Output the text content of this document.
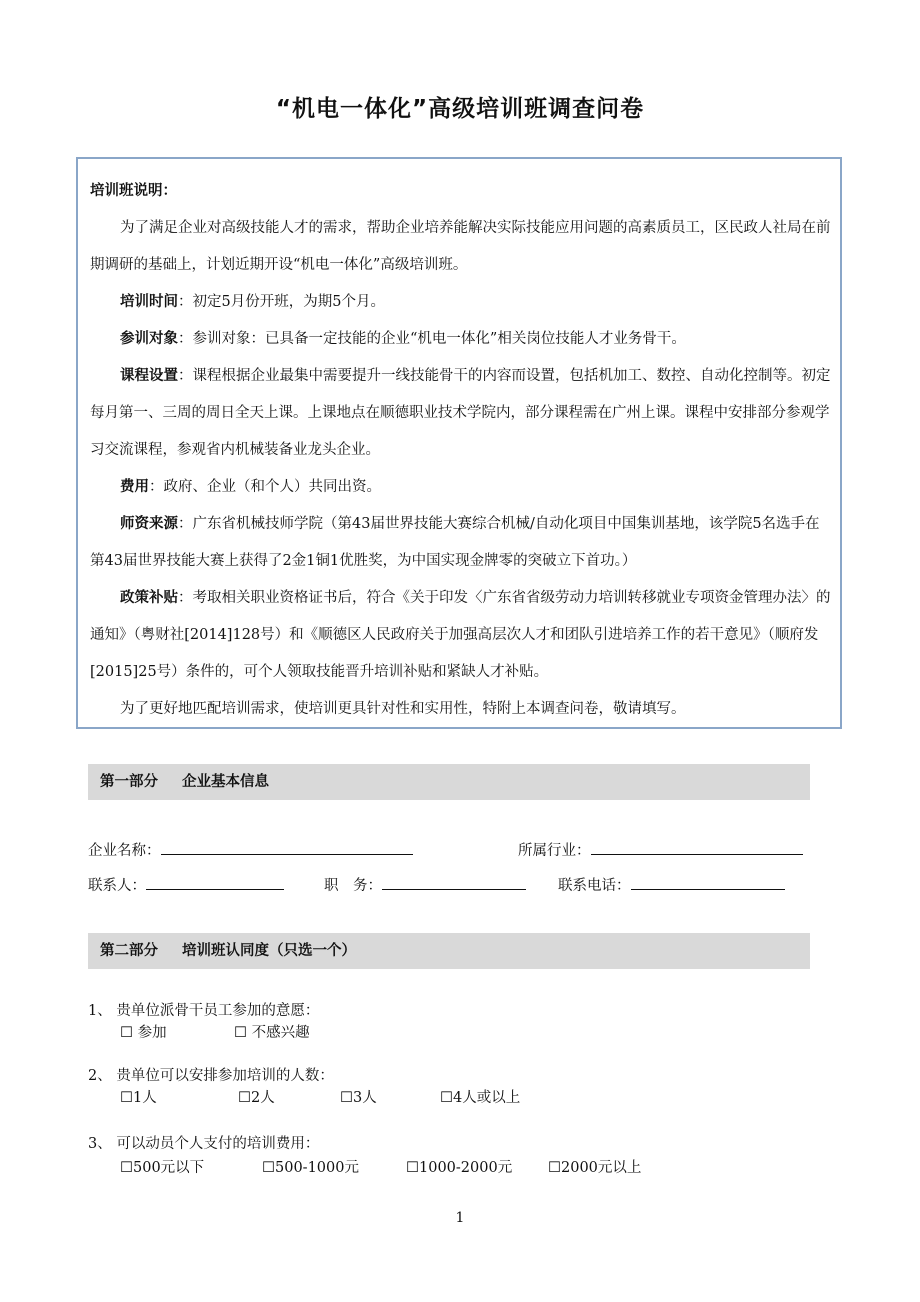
“机电一体化”高级培训班调查问卷

培训班说明：

为了满足企业对高级技能人才的需求，帮助企业培养能解决实际技能应用问题的高素质员工，区民政人社局在前期调研的基础上，计划近期开设“机电一体化”高级培训班。

培训时间：初定5月份开班，为期5个月。

参训对象：参训对象：已具备一定技能的企业“机电一体化”相关岗位技能人才业务骨干。

课程设置：课程根据企业最集中需要提升一线技能骨干的内容而设置，包括机加工、数控、自动化控制等。初定每月第一、三周的周日全天上课。上课地点在顺德职业技术学院内，部分课程需在广州上课。课程中安排部分参观学习交流课程，参观省内机械装备业龙头企业。

费用：政府、企业（和个人）共同出资。

师资来源：广东省机械技师学院（第43届世界技能大赛综合机械/自动化项目中国集训基地，该学院5名选手在第43届世界技能大赛上获得了2金1铜1优胜奖，为中国实现金牌零的突破立下首功。）

政策补贴：考取相关职业资格证书后，符合《关于印发〈广东省省级劳动力培训转移就业专项资金管理办法〉的通知》（粤财社[2014]128号）和《顺德区人民政府关于加强高层次人才和团队引进培养工作的若干意见》（顺府发[2015]25号）条件的，可个人领取技能晋升培训补贴和紧缺人才补贴。

为了更好地匹配培训需求，使培训更具针对性和实用性，特附上本调查问卷，敬请填写。

第一部分 企业基本信息
企业名称：	所属行业：
联系人：	职　务：	联系电话：
第二部分 培训班认同度（只选一个）
1、 贵单位派骨干员工参加的意愿：
☐ 参加	☐ 不感兴趣
2、 贵单位可以安排参加培训的人数：
☐1人	☐2人	☐3人	☐4人或以上
3、 可以动员个人支付的培训费用：
☐500元以下	☐500-1000元	☐1000-2000元 ☐2000元以上
1
